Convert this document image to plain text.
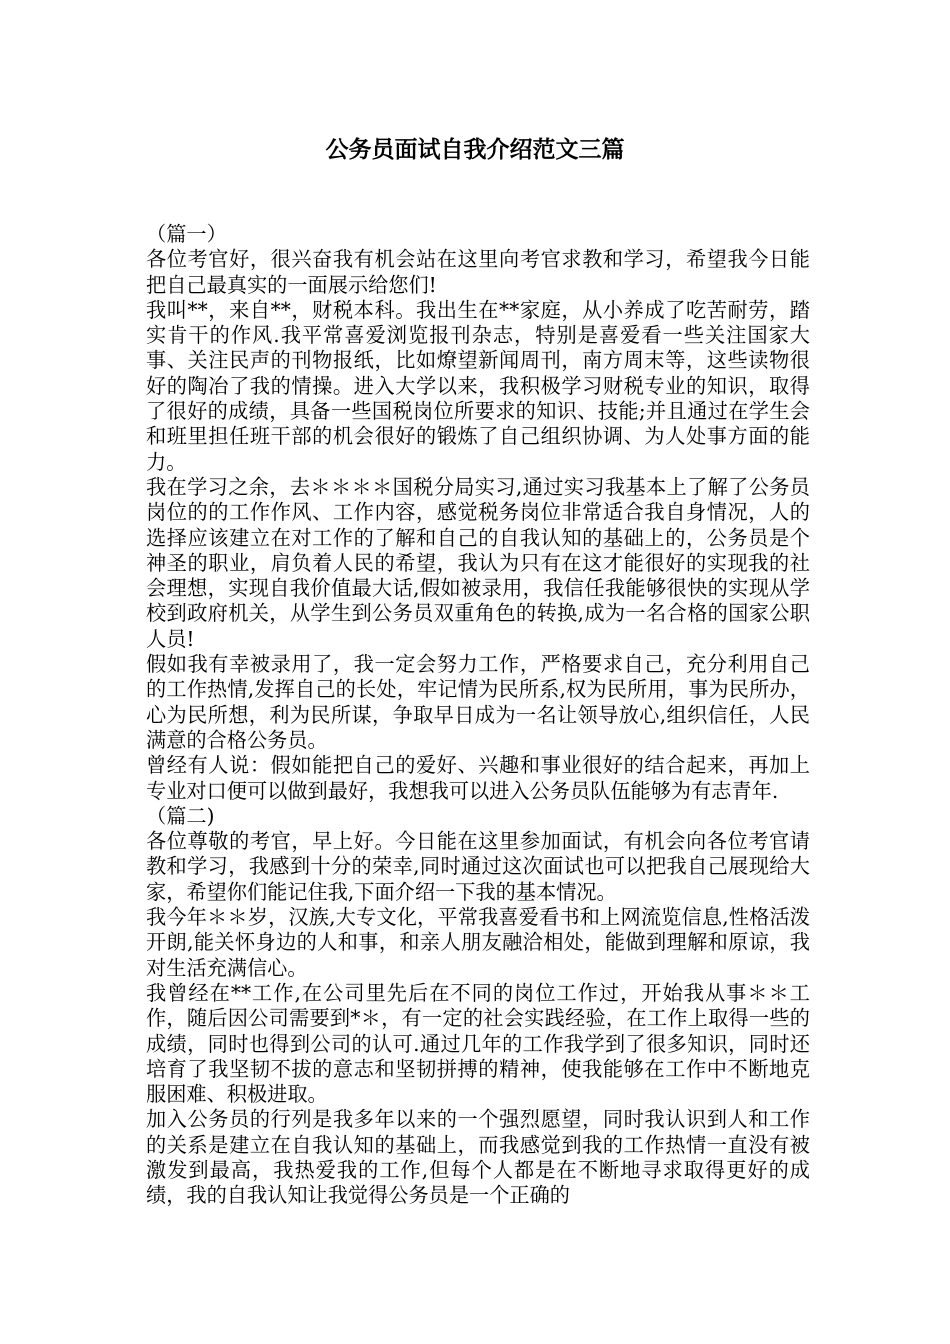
公务员面试自我介绍范文三篇

（篇一）

各位考官好，很兴奋我有机会站在这里向考官求教和学习，希望我今日能把自己最真实的一面展示给您们!

我叫**，来自**，财税本科。我出生在**家庭，从小养成了吃苦耐劳，踏实肯干的作风.我平常喜爱浏览报刊杂志，特别是喜爱看一些关注国家大事、关注民声的刊物报纸，比如燎望新闻周刊，南方周末等，这些读物很好的陶冶了我的情操。进入大学以来，我积极学习财税专业的知识，取得了很好的成绩，具备一些国税岗位所要求的知识、技能;并且通过在学生会和班里担任班干部的机会很好的锻炼了自己组织协调、为人处事方面的能力。

我在学习之余，去＊＊＊＊国税分局实习,通过实习我基本上了解了公务员岗位的的工作作风、工作内容，感觉税务岗位非常适合我自身情况，人的选择应该建立在对工作的了解和自己的自我认知的基础上的，公务员是个神圣的职业，肩负着人民的希望，我认为只有在这才能很好的实现我的社会理想，实现自我价值最大话,假如被录用，我信任我能够很快的实现从学校到政府机关，从学生到公务员双重角色的转换,成为一名合格的国家公职人员!

假如我有幸被录用了，我一定会努力工作，严格要求自己，充分利用自己的工作热情,发挥自己的长处，牢记情为民所系,权为民所用，事为民所办，心为民所想，利为民所谋，争取早日成为一名让领导放心,组织信任，人民满意的合格公务员。

曾经有人说：假如能把自己的爱好、兴趣和事业很好的结合起来，再加上专业对口便可以做到最好，我想我可以进入公务员队伍能够为有志青年.

（篇二)

各位尊敬的考官，早上好。今日能在这里参加面试，有机会向各位考官请教和学习，我感到十分的荣幸,同时通过这次面试也可以把我自己展现给大家，希望你们能记住我,下面介绍一下我的基本情况。

我今年＊＊岁，汉族,大专文化，平常我喜爱看书和上网流览信息,性格活泼开朗,能关怀身边的人和事，和亲人朋友融洽相处，能做到理解和原谅，我对生活充满信心。

我曾经在**工作,在公司里先后在不同的岗位工作过，开始我从事＊＊工作，随后因公司需要到*＊，有一定的社会实践经验，在工作上取得一些的成绩，同时也得到公司的认可.通过几年的工作我学到了很多知识，同时还培育了我坚韧不拔的意志和坚韧拼搏的精神，使我能够在工作中不断地克服困难、积极进取。

加入公务员的行列是我多年以来的一个强烈愿望，同时我认识到人和工作的关系是建立在自我认知的基础上，而我感觉到我的工作热情一直没有被激发到最高，我热爱我的工作,但每个人都是在不断地寻求取得更好的成绩，我的自我认知让我觉得公务员是一个正确的
